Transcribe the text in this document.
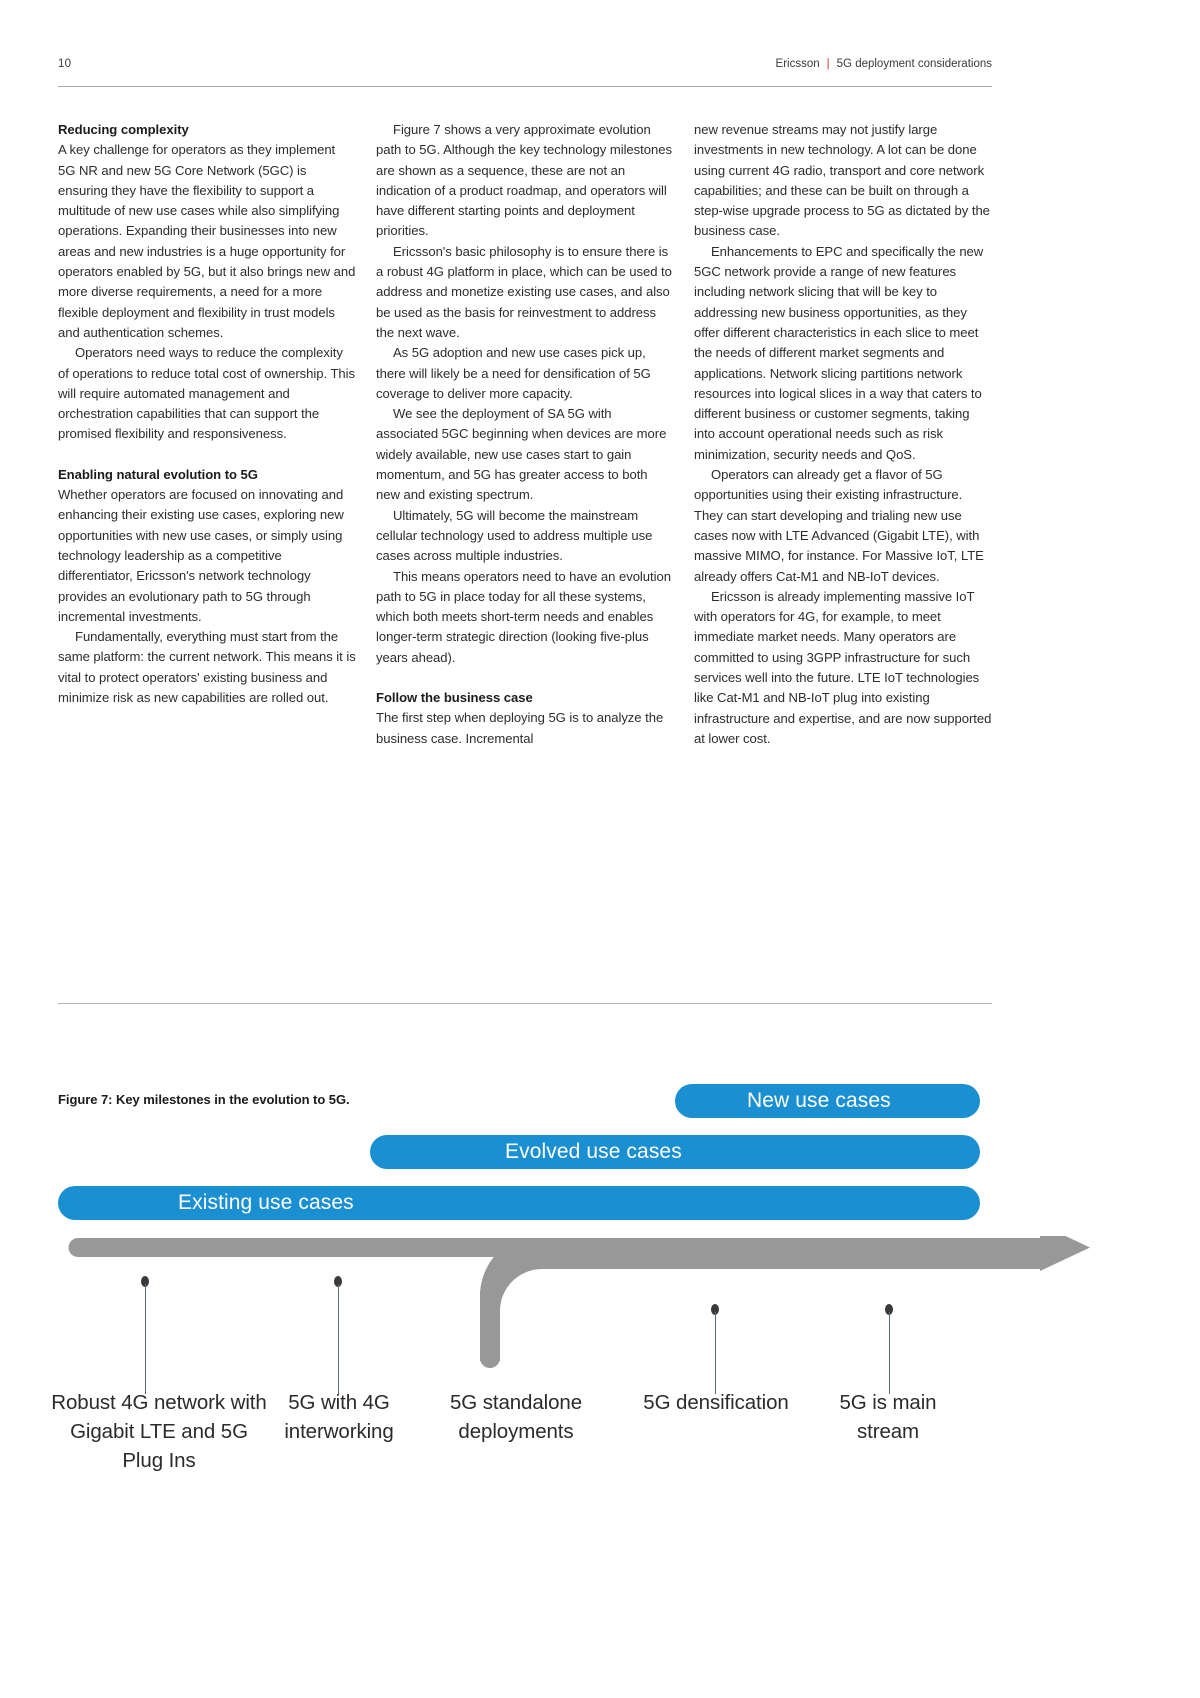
10	Ericsson | 5G deployment considerations
Reducing complexity

A key challenge for operators as they implement 5G NR and new 5G Core Network (5GC) is ensuring they have the flexibility to support a multitude of new use cases while also simplifying operations. Expanding their businesses into new areas and new industries is a huge opportunity for operators enabled by 5G, but it also brings new and more diverse requirements, a need for a more flexible deployment and flexibility in trust models and authentication schemes.

Operators need ways to reduce the complexity of operations to reduce total cost of ownership. This will require automated management and orchestration capabilities that can support the promised flexibility and responsiveness.

Enabling natural evolution to 5G

Whether operators are focused on innovating and enhancing their existing use cases, exploring new opportunities with new use cases, or simply using technology leadership as a competitive differentiator, Ericsson's network technology provides an evolutionary path to 5G through incremental investments.

Fundamentally, everything must start from the same platform: the current network. This means it is vital to protect operators' existing business and minimize risk as new capabilities are rolled out.

Figure 7 shows a very approximate evolution path to 5G. Although the key technology milestones are shown as a sequence, these are not an indication of a product roadmap, and operators will have different starting points and deployment priorities.

Ericsson's basic philosophy is to ensure there is a robust 4G platform in place, which can be used to address and monetize existing use cases, and also be used as the basis for reinvestment to address the next wave.

As 5G adoption and new use cases pick up, there will likely be a need for densification of 5G coverage to deliver more capacity.

We see the deployment of SA 5G with associated 5GC beginning when devices are more widely available, new use cases start to gain momentum, and 5G has greater access to both new and existing spectrum.

Ultimately, 5G will become the mainstream cellular technology used to address multiple use cases across multiple industries.

This means operators need to have an evolution path to 5G in place today for all these systems, which both meets short-term needs and enables longer-term strategic direction (looking five-plus years ahead).

Follow the business case

The first step when deploying 5G is to analyze the business case. Incremental

new revenue streams may not justify large investments in new technology. A lot can be done using current 4G radio, transport and core network capabilities; and these can be built on through a step-wise upgrade process to 5G as dictated by the business case.

Enhancements to EPC and specifically the new 5GC network provide a range of new features including network slicing that will be key to addressing new business opportunities, as they offer different characteristics in each slice to meet the needs of different market segments and applications. Network slicing partitions network resources into logical slices in a way that caters to different business or customer segments, taking into account operational needs such as risk minimization, security needs and QoS.

Operators can already get a flavor of 5G opportunities using their existing infrastructure. They can start developing and trialing new use cases now with LTE Advanced (Gigabit LTE), with massive MIMO, for instance. For Massive IoT, LTE already offers Cat-M1 and NB-IoT devices.

Ericsson is already implementing massive IoT with operators for 4G, for example, to meet immediate market needs. Many operators are committed to using 3GPP infrastructure for such services well into the future. LTE IoT technologies like Cat-M1 and NB-IoT plug into existing infrastructure and expertise, and are now supported at lower cost.

Figure 7: Key milestones in the evolution to 5G.	New use cases
Evolved use cases
Existing use cases
Robust 4G network with Gigabit LTE and 5G Plug Ins
5G with 4G interworking
5G standalone deployments
5G densification	5G is main stream
